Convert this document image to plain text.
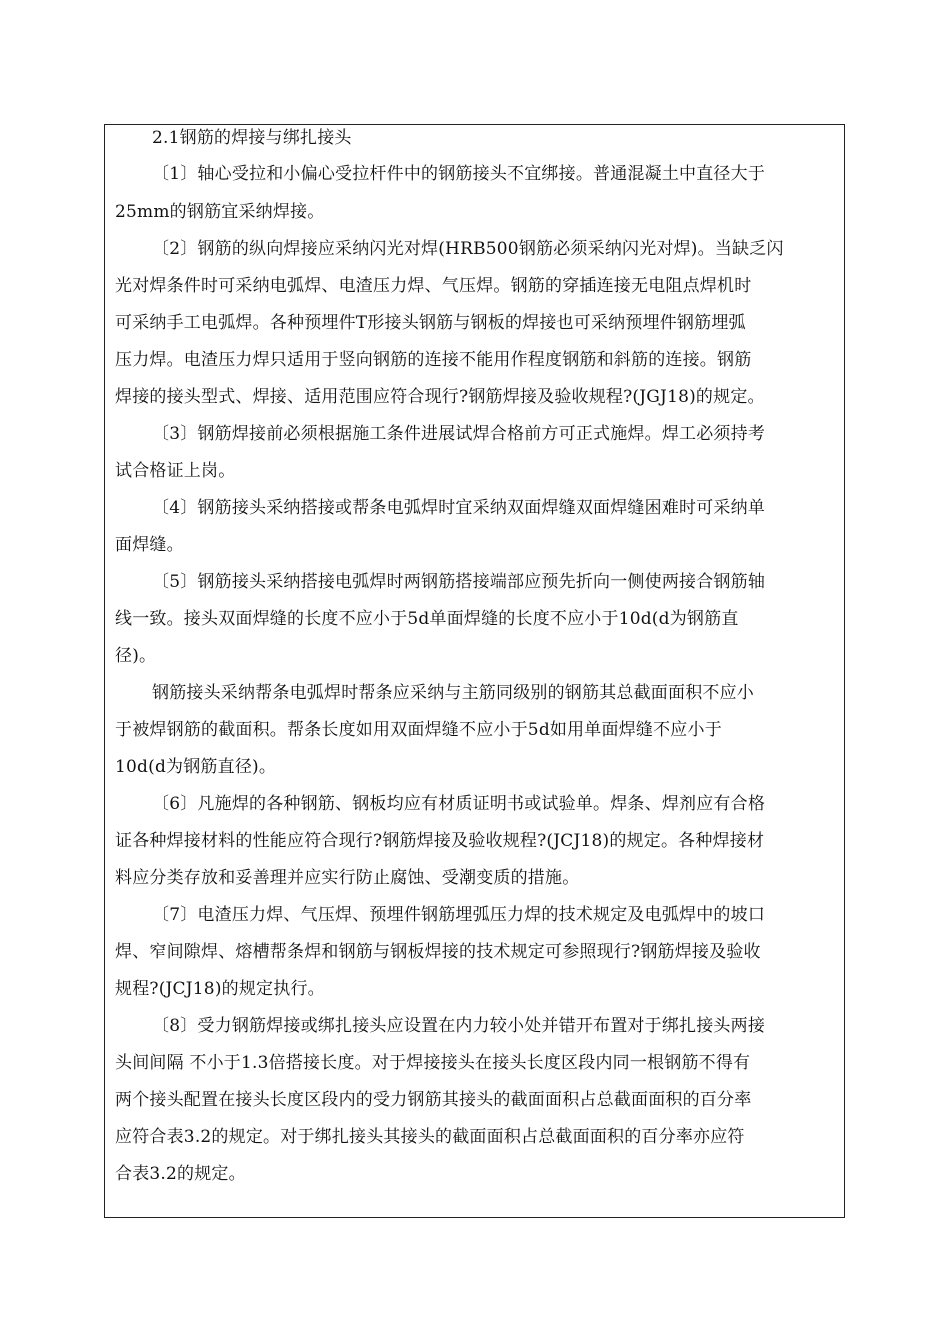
2.1钢筋的焊接与绑扎接头
〔1〕轴心受拉和小偏心受拉杆件中的钢筋接头不宜绑接。普通混凝土中直径大于
25mm的钢筋宜采纳焊接。
〔2〕钢筋的纵向焊接应采纳闪光对焊(HRB500钢筋必须采纳闪光对焊)。当缺乏闪
光对焊条件时可采纳电弧焊、电渣压力焊、气压焊。钢筋的穿插连接无电阻点焊机时
可采纳手工电弧焊。各种预埋件T形接头钢筋与钢板的焊接也可采纳预埋件钢筋埋弧
压力焊。电渣压力焊只适用于竖向钢筋的连接不能用作程度钢筋和斜筋的连接。钢筋
焊接的接头型式、焊接、适用范围应符合现行?钢筋焊接及验收规程?(JGJ18)的规定。
〔3〕钢筋焊接前必须根据施工条件进展试焊合格前方可正式施焊。焊工必须持考
试合格证上岗。
〔4〕钢筋接头采纳搭接或帮条电弧焊时宜采纳双面焊缝双面焊缝困难时可采纳单
面焊缝。
〔5〕钢筋接头采纳搭接电弧焊时两钢筋搭接端部应预先折向一侧使两接合钢筋轴
线一致。接头双面焊缝的长度不应小于5d单面焊缝的长度不应小于10d(d为钢筋直
径)。
钢筋接头采纳帮条电弧焊时帮条应采纳与主筋同级别的钢筋其总截面面积不应小
于被焊钢筋的截面积。帮条长度如用双面焊缝不应小于5d如用单面焊缝不应小于
10d(d为钢筋直径)。
〔6〕凡施焊的各种钢筋、钢板均应有材质证明书或试验单。焊条、焊剂应有合格
证各种焊接材料的性能应符合现行?钢筋焊接及验收规程?(JCJ18)的规定。各种焊接材
料应分类存放和妥善理并应实行防止腐蚀、受潮变质的措施。
〔7〕电渣压力焊、气压焊、预埋件钢筋埋弧压力焊的技术规定及电弧焊中的坡口
焊、窄间隙焊、熔槽帮条焊和钢筋与钢板焊接的技术规定可参照现行?钢筋焊接及验收
规程?(JCJ18)的规定执行。
〔8〕受力钢筋焊接或绑扎接头应设置在内力较小处并错开布置对于绑扎接头两接
头间间隔 不小于1.3倍搭接长度。对于焊接接头在接头长度区段内同一根钢筋不得有
两个接头配置在接头长度区段内的受力钢筋其接头的截面面积占总截面面积的百分率
应符合表3.2的规定。对于绑扎接头其接头的截面面积占总截面面积的百分率亦应符
合表3.2的规定。
